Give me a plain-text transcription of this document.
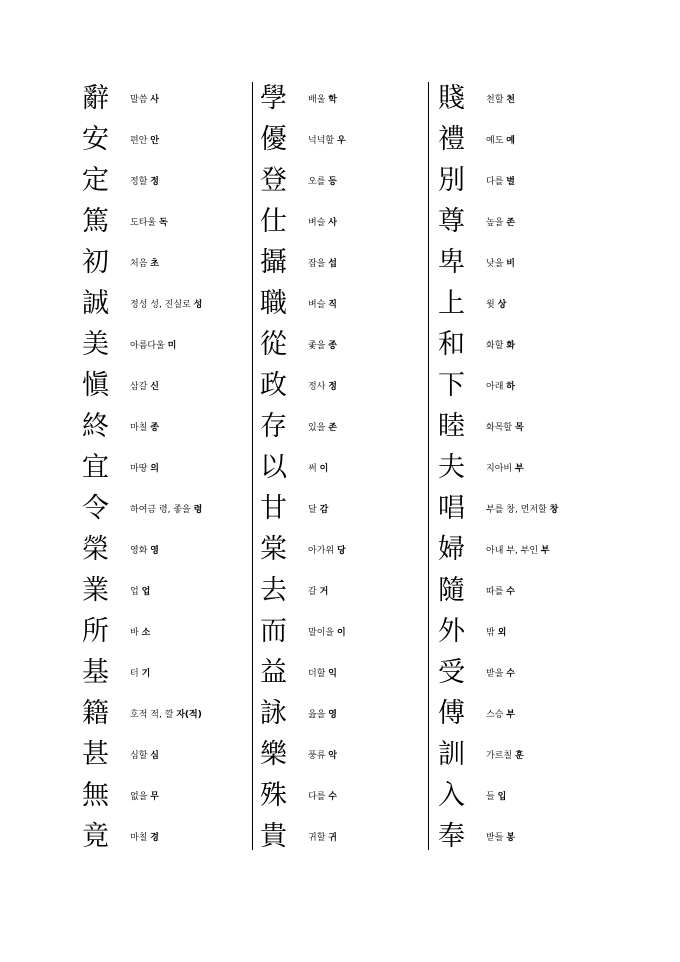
辭	말씀 사
安	편안 안
定	정할 정
篤	도타울 독
初	처음 초
誠	정성 성, 진실로 성
美	아름다울 미
愼	삼갈 신
終	마칠 종
宜	마땅 의
令	하여금 령, 좋을 령
榮	영화 영
業	업 업
所	바 소
基	터 기
籍	호적 적, 깔 자(적)
甚	심할 심
無	없을 무
竟	마칠 경
學	배울 학
優	넉넉할 우
登	오를 등
仕	벼슬 사
攝	잡을 섭
職	벼슬 직
從	좇을 종
政	정사 정
存	있을 존
以	써 이
甘	달 감
棠	아가위 당
去	갈 거
而	말이을 이
益	더할 익
詠	읊을 영
樂	풍류 악
殊	다를 수
貴	귀할 귀
賤	천할 천
禮	예도 예
別	다를 별
尊	높을 존
卑	낮을 비
上	윗 상
和	화할 화
下	아래 하
睦	화목할 목
夫	지아비 부
唱	부를 창, 먼저할 창
婦	아내 부, 부인 부
隨	따를 수
外	밖 외
受	받을 수
傅	스승 부
訓	가르칠 훈
入	들 입
奉	받들 봉
